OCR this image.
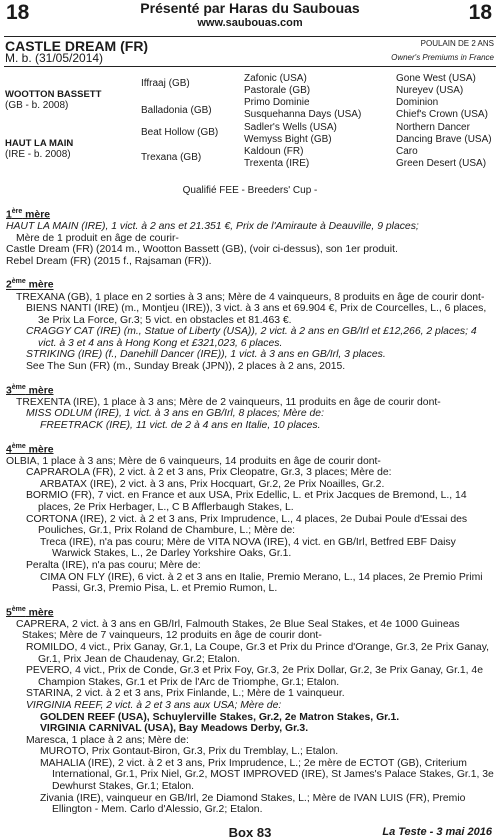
18	18
Présenté par Haras du Saubouas
www.saubouas.com
CASTLE DREAM (FR)
M. b. (31/05/2014)
POULAIN DE 2 ANS
Owner's Premiums in France
WOOTTON BASSETT
(GB - b. 2008)
HAUT LA MAIN
(IRE - b. 2008)
Iffraaj (GB)
Balladonia (GB)
Beat Hollow (GB)
Trexana (GB)
Zafonic (USA)
Pastorale (GB)
Primo Dominie
Susquehanna Days (USA)
Sadler's Wells (USA)
Wemyss Bight (GB)
Kaldoun (FR)
Trexenta (IRE)
Gone West (USA)
Nureyev (USA)
Dominion
Chief's Crown (USA)
Northern Dancer
Dancing Brave (USA)
Caro
Green Desert (USA)
Qualifié FEE - Breeders' Cup -
1ère mère
HAUT LA MAIN (IRE), 1 vict. à 2 ans et 21.351 €, Prix de l'Amiraute à Deauville, 9 places;
Mère de 1 produit en âge de courir-
Castle Dream (FR) (2014 m., Wootton Bassett (GB), (voir ci-dessus), son 1er produit.
Rebel Dream (FR) (2015 f., Rajsaman (FR)).
2ème mère
TREXANA (GB), 1 place en 2 sorties à 3 ans; Mère de 4 vainqueurs, 8 produits en âge de courir dont-
BIENS NANTI (IRE) (m., Montjeu (IRE)), 3 vict. à 3 ans et 69.904 €, Prix de Courcelles, L., 6 places, 3e Prix La Force, Gr.3; 5 vict. en obstacles et 81.463 €.
CRAGGY CAT (IRE) (m., Statue of Liberty (USA)), 2 vict. à 2 ans en GB/Irl et £12,266, 2 places; 4 vict. à 3 et 4 ans à Hong Kong et £321,023, 6 places.
STRIKING (IRE) (f., Danehill Dancer (IRE)), 1 vict. à 3 ans en GB/Irl, 3 places.
See The Sun (FR) (m., Sunday Break (JPN)), 2 places à 2 ans, 2015.
3ème mère
TREXENTA (IRE), 1 place à 3 ans; Mère de 2 vainqueurs, 11 produits en âge de courir dont-
MISS ODLUM (IRE), 1 vict. à 3 ans en GB/Irl, 8 places; Mère de:
FREETRACK (IRE), 11 vict. de 2 à 4 ans en Italie, 10 places.
4ème mère
OLBIA, 1 place à 3 ans; Mère de 6 vainqueurs, 14 produits en âge de courir dont-
CAPRAROLA (FR), 2 vict. à 2 et 3 ans, Prix Cleopatre, Gr.3, 3 places; Mère de:
ARBATAX (IRE), 2 vict. à 3 ans, Prix Hocquart, Gr.2, 2e Prix Noailles, Gr.2.
BORMIO (FR), 7 vict. en France et aux USA, Prix Edellic, L. et Prix Jacques de Bremond, L., 14 places, 2e Prix Herbager, L., C B Afflerbaugh Stakes, L.
CORTONA (IRE), 2 vict. à 2 et 3 ans, Prix Imprudence, L., 4 places, 2e Dubai Poule d'Essai des Pouliches, Gr.1, Prix Roland de Chambure, L.; Mère de:
Treca (IRE), n'a pas couru; Mère de VITA NOVA (IRE), 4 vict. en GB/Irl, Betfred EBF Daisy Warwick Stakes, L., 2e Darley Yorkshire Oaks, Gr.1.
Peralta (IRE), n'a pas couru; Mère de:
CIMA ON FLY (IRE), 6 vict. à 2 et 3 ans en Italie, Premio Merano, L., 14 places, 2e Premio Primi Passi, Gr.3, Premio Pisa, L. et Premio Rumon, L.
5ème mère
CAPRERA, 2 vict. à 3 ans en GB/Irl, Falmouth Stakes, 2e Blue Seal Stakes, et 4e 1000 Guineas Stakes; Mère de 7 vainqueurs, 12 produits en âge de courir dont-
ROMILDO, 4 vict., Prix Ganay, Gr.1, La Coupe, Gr.3 et Prix du Prince d'Orange, Gr.3, 2e Prix Ganay, Gr.1, Prix Jean de Chaudenay, Gr.2; Etalon.
PEVERO, 4 vict., Prix de Conde, Gr.3 et Prix Foy, Gr.3, 2e Prix Dollar, Gr.2, 3e Prix Ganay, Gr.1, 4e Champion Stakes, Gr.1 et Prix de l'Arc de Triomphe, Gr.1; Etalon.
STARINA, 2 vict. à 2 et 3 ans, Prix Finlande, L.; Mère de 1 vainqueur.
VIRGINIA REEF, 2 vict. à 2 et 3 ans aux USA; Mère de:
GOLDEN REEF (USA), Schuylerville Stakes, Gr.2, 2e Matron Stakes, Gr.1.
VIRGINIA CARNIVAL (USA), Bay Meadows Derby, Gr.3.
Maresca, 1 place à 2 ans; Mère de:
MUROTO, Prix Gontaut-Biron, Gr.3, Prix du Tremblay, L.; Etalon.
MAHALIA (IRE), 2 vict. à 2 et 3 ans, Prix Imprudence, L.; 2e mère de ECTOT (GB), Criterium International, Gr.1, Prix Niel, Gr.2, MOST IMPROVED (IRE), St James's Palace Stakes, Gr.1, 3e Dewhurst Stakes, Gr.1; Etalon.
Zivania (IRE), vainqueur en GB/Irl, 2e Diamond Stakes, L.; Mère de IVAN LUIS (FR), Premio Ellington - Mem. Carlo d'Alessio, Gr.2; Etalon.
Box 83	La Teste - 3 mai 2016
